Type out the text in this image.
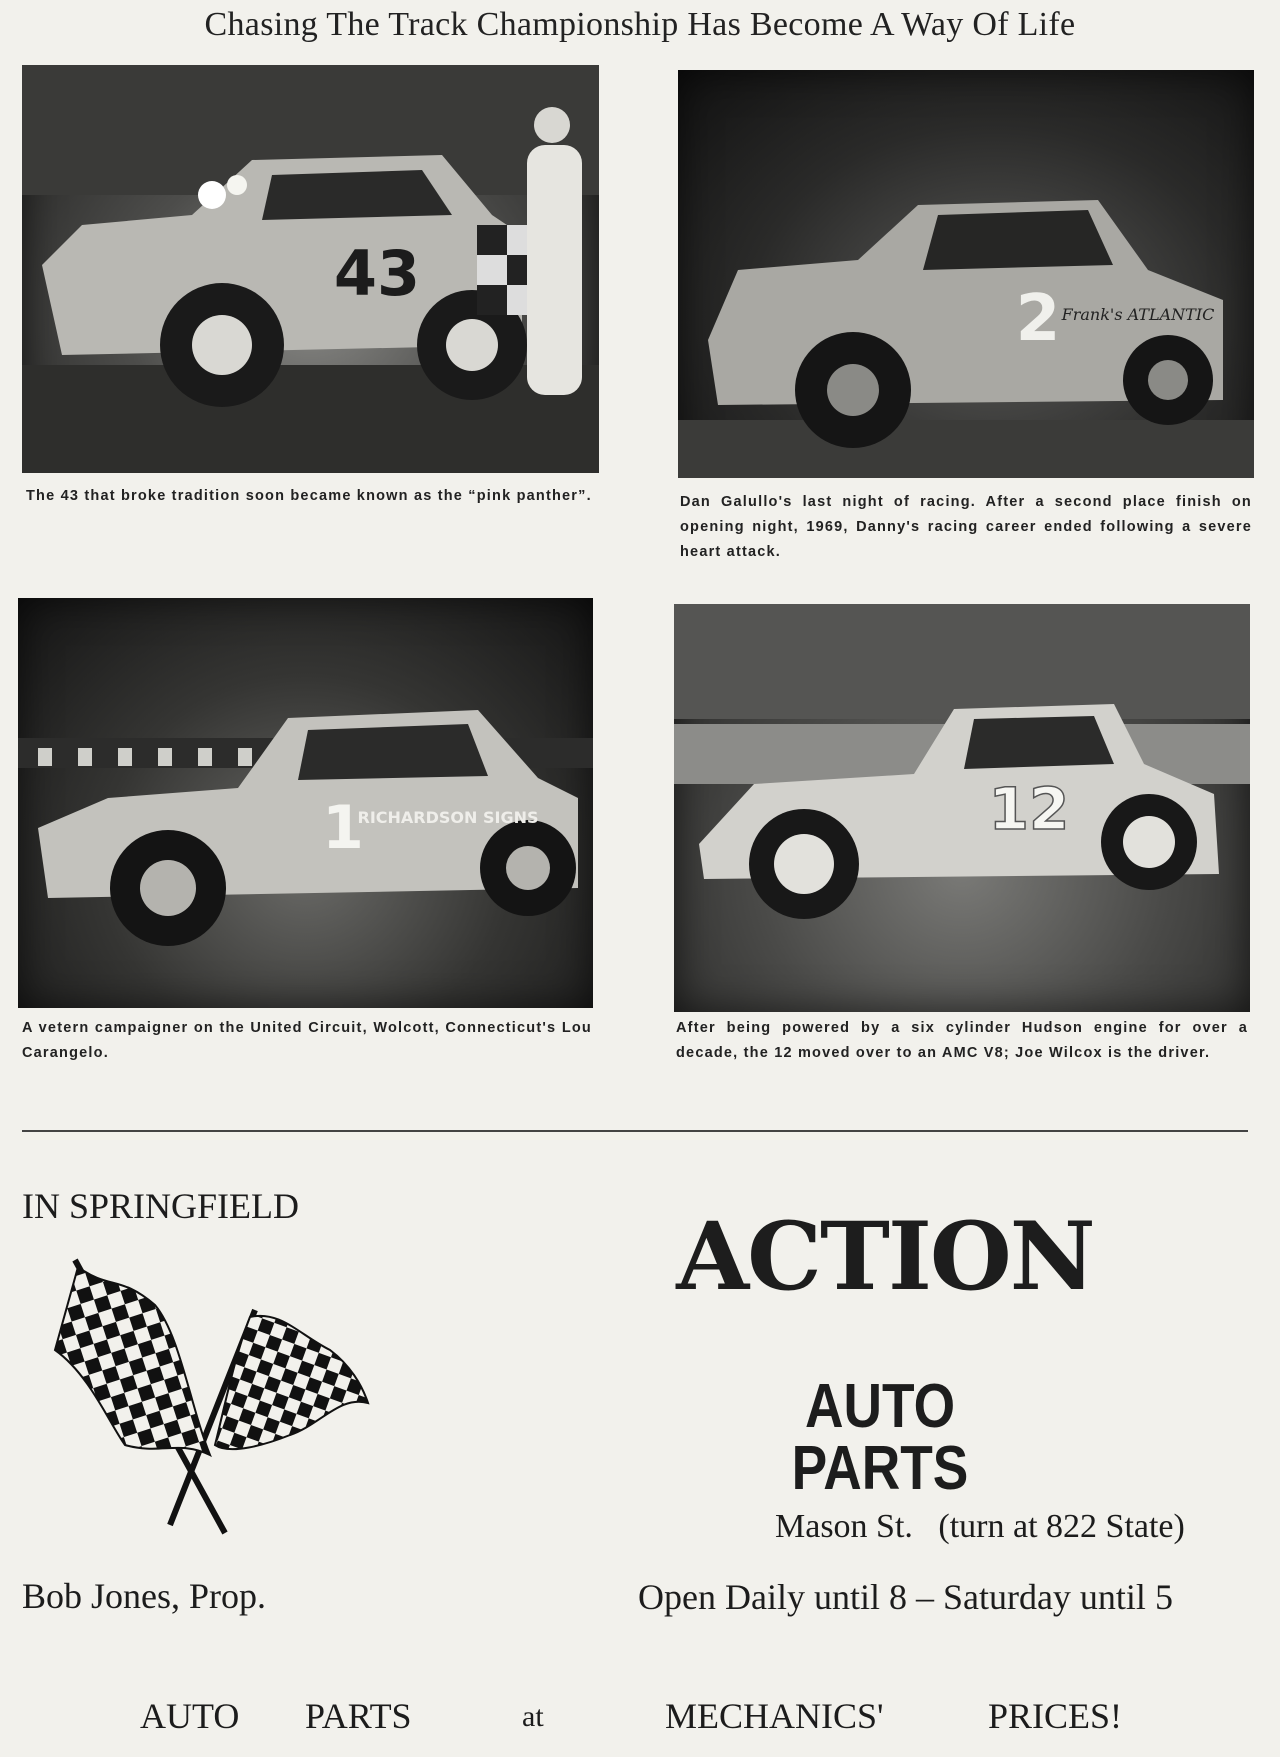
Chasing The Track Championship Has Become A Way Of Life
43
The 43 that broke tradition soon became known as the “pink panther”.
2 Frank's ATLANTIC
Dan Galullo's last night of racing. After a second place finish on opening night, 1969, Danny's racing career ended following a severe heart attack.
1
RICHARDSON SIGNS
A vetern campaigner on the United Circuit, Wolcott, Connecticut's Lou Carangelo.
12
After being powered by a six cylinder Hudson engine for over a decade, the 12 moved over to an AMC V8; Joe Wilcox is the driver.
IN SPRINGFIELD	ACTION
AUTO PARTS
Mason St.   (turn at 822 State)
Bob Jones, Prop.	Open Daily until 8 – Saturday until 5
AUTO PARTS	at	MECHANICS'	PRICES!
